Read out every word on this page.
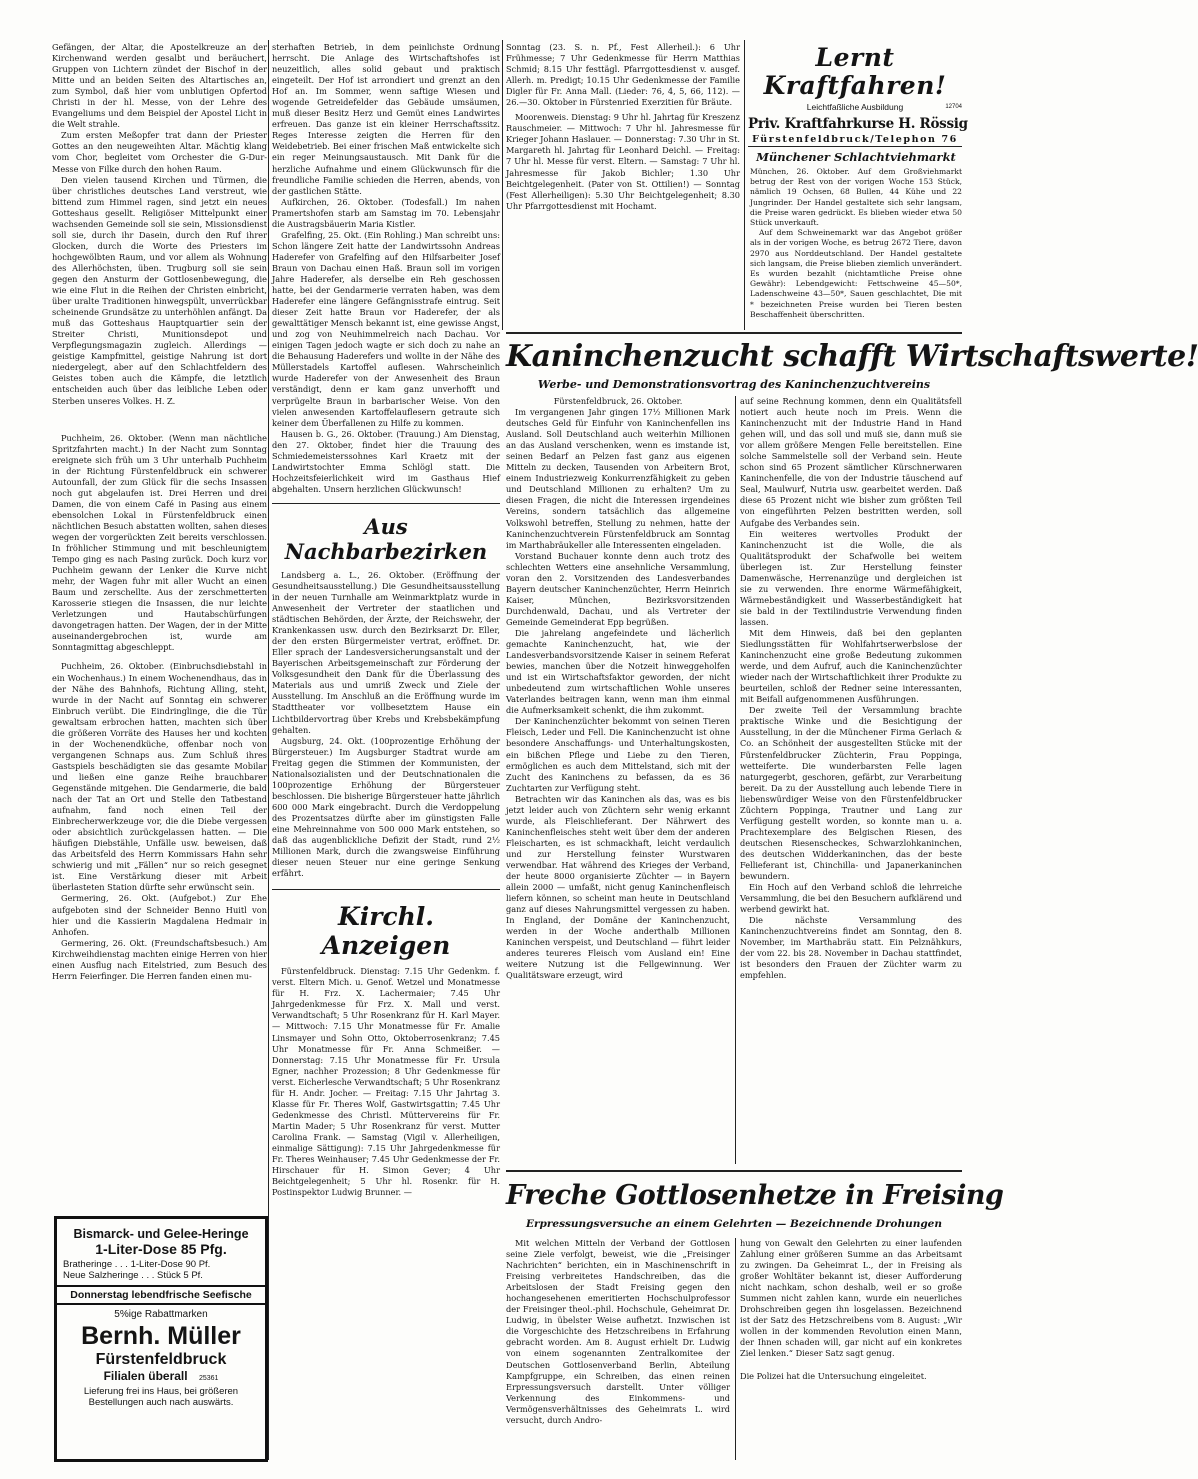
Gefängen, der Altar, die Apostelkreuze an der Kirchenwand werden gesalbt und beräuchert, Gruppen von Lichtern zündet der Bischof in der Mitte und an beiden Seiten des Altartisches an, zum Symbol, daß hier vom unblutigen Opfertod Christi in der hl. Messe, von der Lehre des Evangeliums und dem Beispiel der Apostel Licht in die Welt strahle.

Zum ersten Meßopfer trat dann der Priester Gottes an den neugeweihten Altar. Mächtig klang vom Chor, begleitet vom Orchester die G-Dur-Messe von Filke durch den hohen Raum.

Den vielen tausend Kirchen und Türmen, die über christliches deutsches Land verstreut, wie bittend zum Himmel ragen, sind jetzt ein neues Gotteshaus gesellt. Religiöser Mittelpunkt einer wachsenden Gemeinde soll sie sein, Missionsdienst soll sie, durch ihr Dasein, durch den Ruf ihrer Glocken, durch die Worte des Priesters im hochgewölbten Raum, und vor allem als Wohnung des Allerhöchsten, üben. Trugburg soll sie sein gegen den Ansturm der Gottlosenbewegung, die wie eine Flut in die Reihen der Christen einbricht, über uralte Traditionen hinwegspült, unverrückbar scheinende Grundsätze zu unterhöhlen anfängt. Da muß das Gotteshaus Hauptquartier sein der Streiter Christi, Munitionsdepot und Verpflegungsmagazin zugleich. Allerdings — geistige Kampfmittel, geistige Nahrung ist dort niedergelegt, aber auf den Schlachtfeldern des Geistes toben auch die Kämpfe, die letztlich entscheiden auch über das leibliche Leben oder Sterben unseres Volkes. H. Z.

Puchheim, 26. Oktober. (Wenn man nächtliche Spritzfahrten macht.) In der Nacht zum Sonntag ereignete sich früh um 3 Uhr unterhalb Puchheim in der Richtung Fürstenfeldbruck ein schwerer Autounfall, der zum Glück für die sechs Insassen noch gut abgelaufen ist. Drei Herren und drei Damen, die von einem Café in Pasing aus einem ebensolchen Lokal in Fürstenfeldbruck einen nächtlichen Besuch abstatten wollten, sahen dieses wegen der vorgerückten Zeit bereits verschlossen. In fröhlicher Stimmung und mit beschleunigtem Tempo ging es nach Pasing zurück. Doch kurz vor Puchheim gewann der Lenker die Kurve nicht mehr, der Wagen fuhr mit aller Wucht an einen Baum und zerschellte. Aus der zerschmetterten Karosserie stiegen die Insassen, die nur leichte Verletzungen und Hautabschürfungen davongetragen hatten. Der Wagen, der in der Mitte auseinandergebrochen ist, wurde am Sonntagmittag abgeschleppt.

Puchheim, 26. Oktober. (Einbruchsdiebstahl in ein Wochenhaus.) In einem Wochenendhaus, das in der Nähe des Bahnhofs, Richtung Alling, steht, wurde in der Nacht auf Sonntag ein schwerer Einbruch verübt. Die Eindringlinge, die die Tür gewaltsam erbrochen hatten, machten sich über die größeren Vorräte des Hauses her und kochten in der Wochenendküche, offenbar noch von vergangenen Schnaps aus. Zum Schluß ihres Gastspiels beschädigten sie das gesamte Mobilar und ließen eine ganze Reihe brauchbarer Gegenstände mitgehen. Die Gendarmerie, die bald nach der Tat an Ort und Stelle den Tatbestand aufnahm, fand noch einen Teil der Einbrecherwerkzeuge vor, die die Diebe vergessen oder absichtlich zurückgelassen hatten. — Die häufigen Diebstähle, Unfälle usw. beweisen, daß das Arbeitsfeld des Herrn Kommissars Hahn sehr schwierig und mit „Fällen“ nur so reich gesegnet ist. Eine Verstärkung dieser mit Arbeit überlasteten Station dürfte sehr erwünscht sein.

Germering, 26. Okt. (Aufgebot.) Zur Ehe aufgeboten sind der Schneider Benno Huitl von hier und die Kassierin Magdalena Hedmair in Anhofen.

Germering, 26. Okt. (Freundschaftsbesuch.) Am Kirchweihdienstag machten einige Herren von hier einen Ausflug nach Eitelstried, zum Besuch des Herrn Feierfinger. Die Herren fanden einen mu-

Bismarck- und Gelee-Heringe
1-Liter-Dose 85 Pfg.
Bratheringe . . . 1-Liter-Dose 90 Pf.
Neue Salzheringe . . . Stück 5 Pf.
Donnerstag lebendfrische Seefische
5%ige Rabattmarken
Bernh. Müller
Fürstenfeldbruck
Filialen überall 25361
Lieferung frei ins Haus, bei größeren Bestellungen auch nach auswärts.

sterhaften Betrieb, in dem peinlichste Ordnung herrscht. Die Anlage des Wirtschaftshofes ist neuzeitlich, alles solid gebaut und praktisch eingeteilt. Der Hof ist arrondiert und grenzt an den Hof an. Im Sommer, wenn saftige Wiesen und wogende Getreidefelder das Gebäude umsäumen, muß dieser Besitz Herz und Gemüt eines Landwirtes erfreuen. Das ganze ist ein kleiner Herrschaftssitz. Reges Interesse zeigten die Herren für den Weidebetrieb. Bei einer frischen Maß entwickelte sich ein reger Meinungsaustausch. Mit Dank für die herzliche Aufnahme und einem Glückwunsch für die freundliche Familie schieden die Herren, abends, von der gastlichen Stätte.

Aufkirchen, 26. Oktober. (Todesfall.) Im nahen Pramertshofen starb am Samstag im 70. Lebensjahr die Austragsbäuerin Maria Kistler.

Grafelfing, 25. Okt. (Ein Rohling.) Man schreibt uns: Schon längere Zeit hatte der Landwirtssohn Andreas Haderefer von Grafelfing auf den Hilfsarbeiter Josef Braun von Dachau einen Haß. Braun soll im vorigen Jahre Haderefer, als derselbe ein Reh geschossen hatte, bei der Gendarmerie verraten haben, was dem Haderefer eine längere Gefängnisstrafe eintrug. Seit dieser Zeit hatte Braun vor Haderefer, der als gewalttätiger Mensch bekannt ist, eine gewisse Angst, und zog von Neuhimmelreich nach Dachau. Vor einigen Tagen jedoch wagte er sich doch zu nahe an die Behausung Haderefers und wollte in der Nähe des Müllerstadels Kartoffel auflesen. Wahrscheinlich wurde Haderefer von der Anwesenheit des Braun verständigt, denn er kam ganz unverhofft und verprügelte Braun in barbarischer Weise. Von den vielen anwesenden Kartoffelauflesern getraute sich keiner dem Überfallenen zu Hilfe zu kommen.

Hausen b. G., 26. Oktober. (Trauung.) Am Dienstag, den 27. Oktober, findet hier die Trauung des Schmiedemeisterssohnes Karl Kraetz mit der Landwirtstochter Emma Schlögl statt. Die Hochzeitsfeierlichkeit wird im Gasthaus Hief abgehalten. Unsern herzlichen Glückwunsch!

Aus Nachbarbezirken

Landsberg a. L., 26. Oktober. (Eröffnung der Gesundheitsausstellung.) Die Gesundheitsausstellung in der neuen Turnhalle am Weinmarktplatz wurde in Anwesenheit der Vertreter der staatlichen und städtischen Behörden, der Ärzte, der Reichswehr, der Krankenkassen usw. durch den Bezirksarzt Dr. Eller, der den ersten Bürgermeister vertrat, eröffnet. Dr. Eller sprach der Landesversicherungsanstalt und der Bayerischen Arbeitsgemeinschaft zur Förderung der Volksgesundheit den Dank für die Überlassung des Materials aus und umriß Zweck und Ziele der Ausstellung. Im Anschluß an die Eröffnung wurde im Stadttheater vor vollbesetztem Hause ein Lichtbildervortrag über Krebs und Krebsbekämpfung gehalten.

Augsburg, 24. Okt. (100prozentige Erhöhung der Bürgersteuer.) Im Augsburger Stadtrat wurde am Freitag gegen die Stimmen der Kommunisten, der Nationalsozialisten und der Deutschnationalen die 100prozentige Erhöhung der Bürgersteuer beschlossen. Die bisherige Bürgersteuer hatte jährlich 600 000 Mark eingebracht. Durch die Verdoppelung des Prozentsatzes dürfte aber im günstigsten Falle eine Mehreinnahme von 500 000 Mark entstehen, so daß das augenblickliche Defizit der Stadt, rund 2½ Millionen Mark, durch die zwangsweise Einführung dieser neuen Steuer nur eine geringe Senkung erfährt.

Kirchl. Anzeigen

Fürstenfeldbruck. Dienstag: 7.15 Uhr Gedenkm. f. verst. Eltern Mich. u. Genof. Wetzel und Monatmesse für H. Frz. X. Lachermaier; 7.45 Uhr Jahrgedenkmesse für Frz. X. Mall und verst. Verwandtschaft; 5 Uhr Rosenkranz für H. Karl Mayer. — Mittwoch: 7.15 Uhr Monatmesse für Fr. Amalie Linsmayer und Sohn Otto, Oktoberrosenkranz; 7.45 Uhr Monatmesse für Fr. Anna Schmeißer. — Donnerstag: 7.15 Uhr Monatmesse für Fr. Ursula Egner, nachher Prozession; 8 Uhr Gedenkmesse für verst. Eicherlesche Verwandtschaft; 5 Uhr Rosenkranz für H. Andr. Jocher. — Freitag: 7.15 Uhr Jahrtag 3. Klasse für Fr. Theres Wolf, Gastwirtsgattin; 7.45 Uhr Gedenkmesse des Christl. Müttervereins für Fr. Martin Mader; 5 Uhr Rosenkranz für verst. Mutter Carolina Frank. — Samstag (Vigil v. Allerheiligen, einmalige Sättigung): 7.15 Uhr Jahrgedenkmesse für Fr. Theres Weinhauser; 7.45 Uhr Gedenkmesse der Fr. Hirschauer für H. Simon Gever; 4 Uhr Beichtgelegenheit; 5 Uhr hl. Rosenkr. für H. Postinspektor Ludwig Brunner. —

Sonntag (23. S. n. Pf., Fest Allerheil.): 6 Uhr Frühmesse; 7 Uhr Gedenkmesse für Herrn Matthias Schmid; 8.15 Uhr festtägl. Pfarrgottesdienst v. ausgef. Allerh. m. Predigt; 10.15 Uhr Gedenkmesse der Familie Digler für Fr. Anna Mall. (Lieder: 76, 4, 5, 66, 112). — 26.—30. Oktober in Fürstenried Exerzitien für Bräute.

Moorenweis. Dienstag: 9 Uhr hl. Jahrtag für Kreszenz Rauschmeier. — Mittwoch: 7 Uhr hl. Jahresmesse für Krieger Johann Haslauer. — Donnerstag: 7.30 Uhr in St. Margareth hl. Jahrtag für Leonhard Deichl. — Freitag: 7 Uhr hl. Messe für verst. Eltern. — Samstag: 7 Uhr hl. Jahresmesse für Jakob Bichler; 1.30 Uhr Beichtgelegenheit. (Pater von St. Ottilien!) — Sonntag (Fest Allerheiligen): 5.30 Uhr Beichtgelegenheit; 8.30 Uhr Pfarrgottesdienst mit Hochamt.

Lernt Kraftfahren!
Leichtfaßliche Ausbildung	12704
Priv. Kraftfahrkurse H. Rössig
Fürstenfeldbruck/Telephon 76
Münchener Schlachtviehmarkt

München, 26. Oktober. Auf dem Großviehmarkt betrug der Rest von der vorigen Woche 153 Stück, nämlich 19 Ochsen, 68 Bullen, 44 Kühe und 22 Jungrinder. Der Handel gestaltete sich sehr langsam, die Preise waren gedrückt. Es blieben wieder etwa 50 Stück unverkauft.

Auf dem Schweinemarkt war das Angebot größer als in der vorigen Woche, es betrug 2672 Tiere, davon 2970 aus Norddeutschland. Der Handel gestaltete sich langsam, die Preise blieben ziemlich unverändert. Es wurden bezahlt (nichtamtliche Preise ohne Gewähr): Lebendgewicht: Fettschweine 45—50*, Ladenschweine 43—50*, Sauen geschlachtet, Die mit * bezeichneten Preise wurden bei Tieren besten Beschaffenheit überschritten.

Kaninchenzucht schafft Wirtschaftswerte!
Werbe- und Demonstrationsvortrag des Kaninchenzuchtvereins

Fürstenfeldbruck, 26. Oktober.

Im vergangenen Jahr gingen 17½ Millionen Mark deutsches Geld für Einfuhr von Kaninchenfellen ins Ausland. Soll Deutschland auch weiterhin Millionen an das Ausland verschenken, wenn es imstande ist, seinen Bedarf an Pelzen fast ganz aus eigenen Mitteln zu decken, Tausenden von Arbeitern Brot, einem Industriezweig Konkurrenzfähigkeit zu geben und Deutschland Millionen zu erhalten? Um zu diesen Fragen, die nicht die Interessen irgendeines Vereins, sondern tatsächlich das allgemeine Volkswohl betreffen, Stellung zu nehmen, hatte der Kaninchenzuchtverein Fürstenfeldbruck am Sonntag im Marthabräukeller alle Interessenten eingeladen.

Vorstand Buchauer konnte denn auch trotz des schlechten Wetters eine ansehnliche Versammlung, voran den 2. Vorsitzenden des Landesverbandes Bayern deutscher Kaninchenzüchter, Herrn Heinrich Kaiser, München, Bezirksvorsitzenden Durchdenwald, Dachau, und als Vertreter der Gemeinde Gemeinderat Epp begrüßen.

Die jahrelang angefeindete und lächerlich gemachte Kaninchenzucht, hat, wie der Landesverbandsvorsitzende Kaiser in seinem Referat bewies, manchen über die Notzeit hinweggeholfen und ist ein Wirtschaftsfaktor geworden, der nicht unbedeutend zum wirtschaftlichen Wohle unseres Vaterlandes beitragen kann, wenn man ihm einmal die Aufmerksamkeit schenkt, die ihm zukommt.

Der Kaninchenzüchter bekommt von seinen Tieren Fleisch, Leder und Fell. Die Kaninchenzucht ist ohne besondere Anschaffungs- und Unterhaltungskosten, ein bißchen Pflege und Liebe zu den Tieren, ermöglichen es auch dem Mittelstand, sich mit der Zucht des Kaninchens zu befassen, da es 36 Zuchtarten zur Verfügung steht.

Betrachten wir das Kaninchen als das, was es bis jetzt leider auch von Züchtern sehr wenig erkannt wurde, als Fleischlieferant. Der Nährwert des Kaninchenfleisches steht weit über dem der anderen Fleischarten, es ist schmackhaft, leicht verdaulich und zur Herstellung feinster Wurstwaren verwendbar. Hat während des Krieges der Verband, der heute 8000 organisierte Züchter — in Bayern allein 2000 — umfaßt, nicht genug Kaninchenfleisch liefern können, so scheint man heute in Deutschland ganz auf dieses Nahrungsmittel vergessen zu haben. In England, der Domäne der Kaninchenzucht, werden in der Woche anderthalb Millionen Kaninchen verspeist, und Deutschland — führt leider anderes teureres Fleisch vom Ausland ein! Eine weitere Nutzung ist die Fellgewinnung. Wer Qualitätsware erzeugt, wird

auf seine Rechnung kommen, denn ein Qualitätsfell notiert auch heute noch im Preis. Wenn die Kaninchenzucht mit der Industrie Hand in Hand gehen will, und das soll und muß sie, dann muß sie vor allem größere Mengen Felle bereitstellen. Eine solche Sammelstelle soll der Verband sein. Heute schon sind 65 Prozent sämtlicher Kürschnerwaren Kaninchenfelle, die von der Industrie täuschend auf Seal, Maulwurf, Nutria usw. gearbeitet werden. Daß diese 65 Prozent nicht wie bisher zum größten Teil von eingeführten Pelzen bestritten werden, soll Aufgabe des Verbandes sein.

Ein weiteres wertvolles Produkt der Kaninchenzucht ist die Wolle, die als Qualitätsprodukt der Schafwolle bei weitem überlegen ist. Zur Herstellung feinster Damenwäsche, Herrenanzüge und dergleichen ist sie zu verwenden. Ihre enorme Wärmefähigkeit, Wärmebeständigkeit und Wasserbeständigkeit hat sie bald in der Textilindustrie Verwendung finden lassen.

Mit dem Hinweis, daß bei den geplanten Siedlungsstätten für Wohlfahrtserwerbslose der Kaninchenzucht eine große Bedeutung zukommen werde, und dem Aufruf, auch die Kaninchenzüchter wieder nach der Wirtschaftlichkeit ihrer Produkte zu beurteilen, schloß der Redner seine interessanten, mit Beifall aufgenommenen Ausführungen.

Der zweite Teil der Versammlung brachte praktische Winke und die Besichtigung der Ausstellung, in der die Münchener Firma Gerlach & Co. an Schönheit der ausgestellten Stücke mit der Fürstenfeldbrucker Züchterin, Frau Poppinga, wetteiferte. Die wunderbarsten Felle lagen naturgegerbt, geschoren, gefärbt, zur Verarbeitung bereit. Da zu der Ausstellung auch lebende Tiere in liebenswürdiger Weise von den Fürstenfeldbrucker Züchtern Poppinga, Trautner und Lang zur Verfügung gestellt worden, so konnte man u. a. Prachtexemplare des Belgischen Riesen, des deutschen Riesenscheckes, Schwarzlohkaninchen, des deutschen Widderkaninchen, das der beste Fellieferant ist, Chinchilla- und Japanerkaninchen bewundern.

Ein Hoch auf den Verband schloß die lehrreiche Versammlung, die bei den Besuchern aufklärend und werbend gewirkt hat.

Die nächste Versammlung des Kaninchenzuchtvereins findet am Sonntag, den 8. November, im Marthabräu statt. Ein Pelznähkurs, der vom 22. bis 28. November in Dachau stattfindet, ist besonders den Frauen der Züchter warm zu empfehlen.

Freche Gottlosenhetze in Freising
Erpressungsversuche an einem Gelehrten — Bezeichnende Drohungen

Mit welchen Mitteln der Verband der Gottlosen seine Ziele verfolgt, beweist, wie die „Freisinger Nachrichten“ berichten, ein in Maschinenschrift in Freising verbreitetes Handschreiben, das die Arbeitslosen der Stadt Freising gegen den hochangesehenen emeritierten Hochschulprofessor der Freisinger theol.-phil. Hochschule, Geheimrat Dr. Ludwig, in übelster Weise aufhetzt. Inzwischen ist die Vorgeschichte des Hetzschreibens in Erfahrung gebracht worden. Am 8. August erhielt Dr. Ludwig von einem sogenannten Zentralkomitee der Deutschen Gottlosenverband Berlin, Abteilung Kampfgruppe, ein Schreiben, das einen reinen Erpressungsversuch darstellt. Unter völliger Verkennung des Einkommens- und Vermögensverhältnisses des Geheimrats L. wird versucht, durch Andro-

hung von Gewalt den Gelehrten zu einer laufenden Zahlung einer größeren Summe an das Arbeitsamt zu zwingen. Da Geheimrat L., der in Freising als großer Wohltäter bekannt ist, dieser Aufforderung nicht nachkam, schon deshalb, weil er so große Summen nicht zahlen kann, wurde ein neuerliches Drohschreiben gegen ihn losgelassen. Bezeichnend ist der Satz des Hetzschreibens vom 8. August: „Wir wollen in der kommenden Revolution einen Mann, der Ihnen schaden will, gar nicht auf ein konkretes Ziel lenken.“ Dieser Satz sagt genug.

Die Polizei hat die Untersuchung eingeleitet.
